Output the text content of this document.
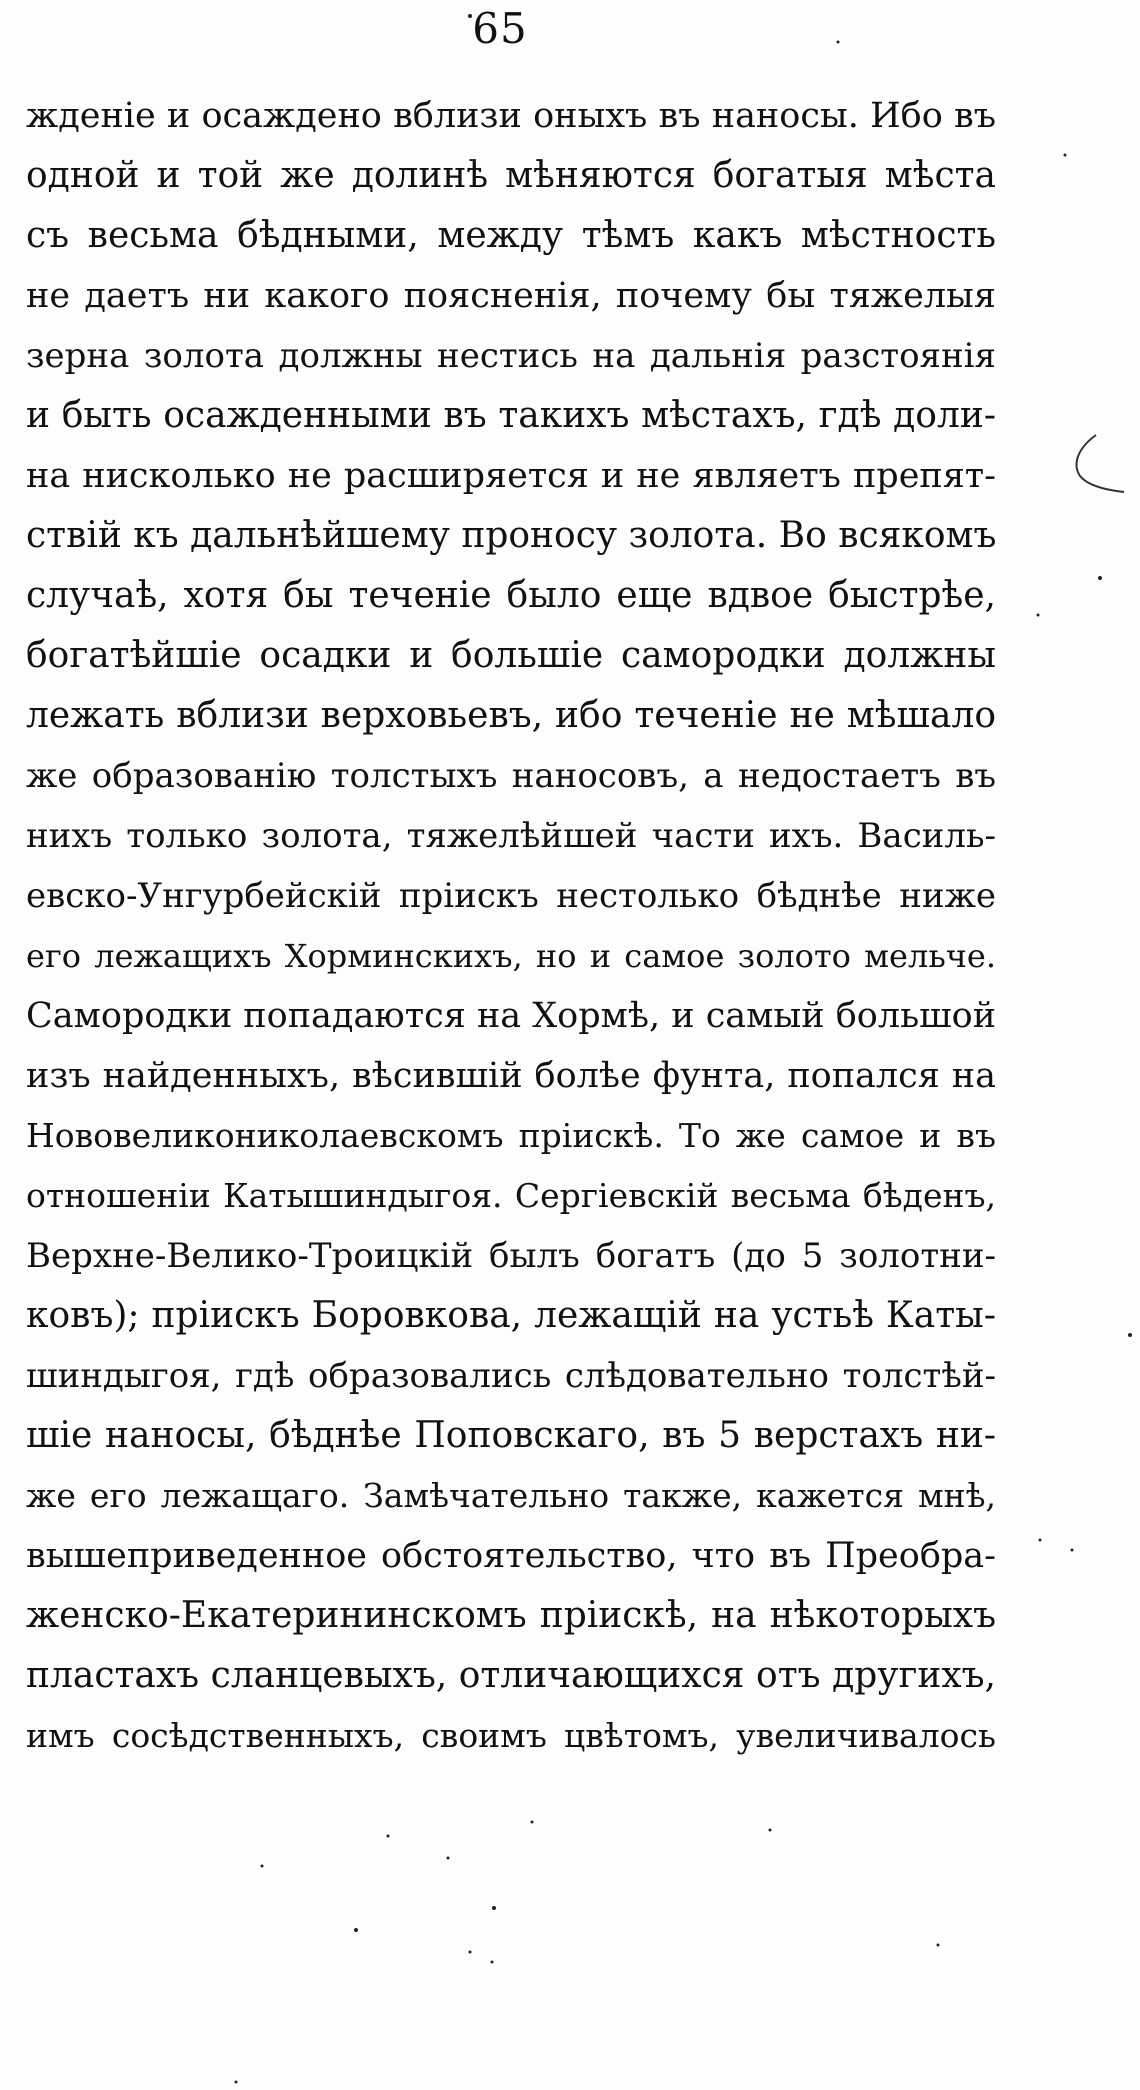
65
жденіе и осаждено вблизи оныхъ въ наносы. Ибо въ
одной и той же долинѣ мѣняются богатыя мѣста
съ весьма бѣдными, между тѣмъ какъ мѣстность
не даетъ ни какого поясненія, почему бы тяжелыя
зерна золота должны нестись на дальнія разстоянія
и быть осажденными въ такихъ мѣстахъ, гдѣ доли-
на нисколько не расширяется и не являетъ препят-
ствій къ дальнѣйшему проносу золота. Во всякомъ
случаѣ, хотя бы теченіе было еще вдвое быстрѣе,
богатѣйшіе осадки и большіе самородки должны
лежать вблизи верховьевъ, ибо теченіе не мѣшало
же образованію толстыхъ наносовъ, а недостаетъ въ
нихъ только золота, тяжелѣйшей части ихъ. Василь-
евско-Унгурбейскій пріискъ нестолько бѣднѣе ниже
его лежащихъ Хорминскихъ, но и самое золото мельче.
Самородки попадаются на Хормѣ, и самый большой
изъ найденныхъ, вѣсившій болѣе фунта, попался на
Нововеликониколаевскомъ пріискѣ. То же самое и въ
отношеніи Катышиндыгоя. Сергіевскій весьма бѣденъ,
Верхне-Велико-Троицкій былъ богатъ (до 5 золотни-
ковъ); пріискъ Боровкова, лежащій на устьѣ Каты-
шиндыгоя, гдѣ образовались слѣдовательно толстѣй-
шіе наносы, бѣднѣе Поповскаго, въ 5 верстахъ ни-
же его лежащаго. Замѣчательно также, кажется мнѣ,
вышеприведенное обстоятельство, что въ Преобра-
женско-Екатерининскомъ пріискѣ, на нѣкоторыхъ
пластахъ сланцевыхъ, отличающихся отъ другихъ,
имъ сосѣдственныхъ, своимъ цвѣтомъ, увеличивалось
